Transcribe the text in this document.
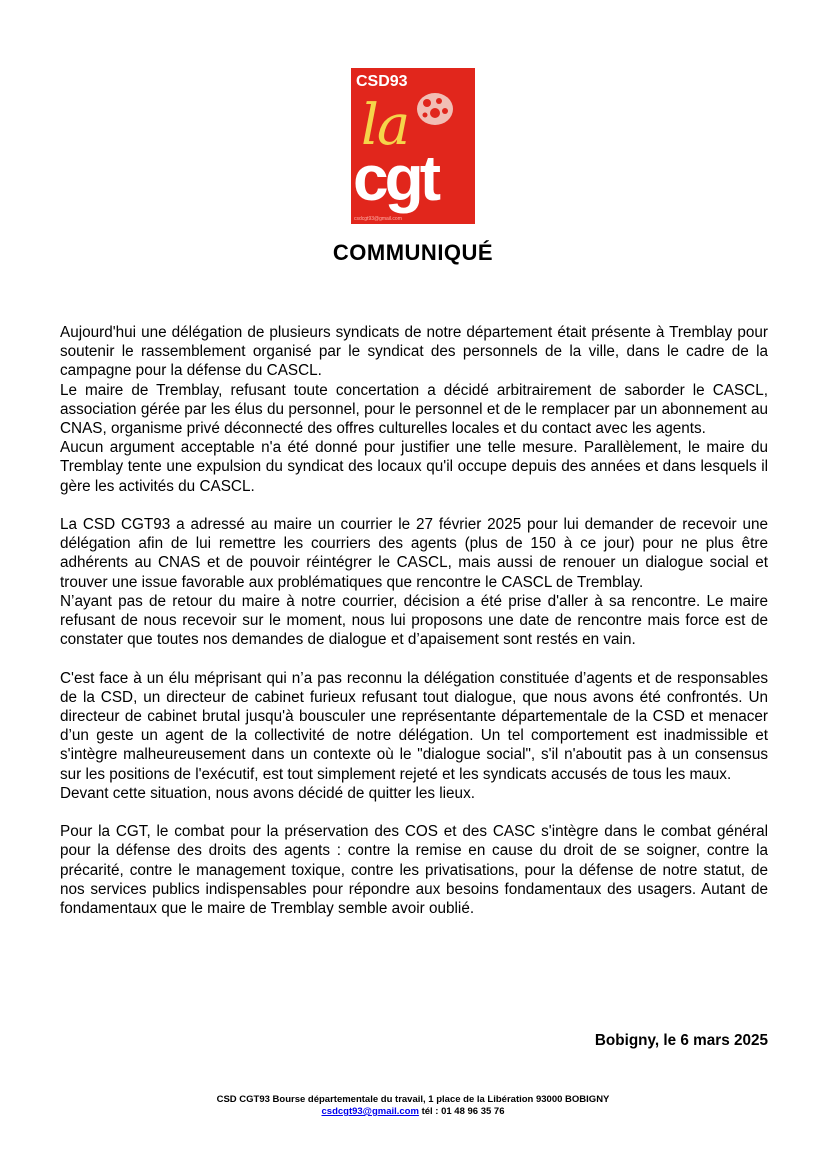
CSD93
la
cgt
csdcgt93@gmail.com
COMMUNIQUÉ

Aujourd'hui une délégation de plusieurs syndicats de notre département était présente à Tremblay pour soutenir le rassemblement organisé par le syndicat des personnels de la ville, dans le cadre de la campagne pour la défense du CASCL.

Le maire de Tremblay, refusant toute concertation a décidé arbitrairement de saborder le CASCL, association gérée par les élus du personnel, pour le personnel et de le remplacer par un abonnement au CNAS, organisme privé déconnecté des offres culturelles locales et du contact avec les agents.

Aucun argument acceptable n'a été donné pour justifier une telle mesure. Parallèlement, le maire du Tremblay tente une expulsion du syndicat des locaux qu'il occupe depuis des années et dans lesquels il gère les activités du CASCL.

La CSD CGT93 a adressé au maire un courrier le 27 février 2025 pour lui demander de recevoir une délégation afin de lui remettre les courriers des agents (plus de 150 à ce jour) pour ne plus être adhérents au CNAS et de pouvoir réintégrer le CASCL, mais aussi de renouer un dialogue social et trouver une issue favorable aux problématiques que rencontre le CASCL de Tremblay.

N’ayant pas de retour du maire à notre courrier, décision a été prise d'aller à sa rencontre. Le maire refusant de nous recevoir sur le moment, nous lui proposons une date de rencontre mais force est de constater que toutes nos demandes de dialogue et d’apaisement sont restés en vain.

C'est face à un élu méprisant qui n’a pas reconnu la délégation constituée d’agents et de responsables de la CSD, un directeur de cabinet furieux refusant tout dialogue, que nous avons été confrontés. Un directeur de cabinet brutal jusqu'à bousculer une représentante départementale de la CSD et menacer d’un geste un agent de la collectivité de notre délégation. Un tel comportement est inadmissible et s'intègre malheureusement dans un contexte où le "dialogue social", s'il n'aboutit pas à un consensus sur les positions de l'exécutif, est tout simplement rejeté et les syndicats accusés de tous les maux.

Devant cette situation, nous avons décidé de quitter les lieux.

Pour la CGT, le combat pour la préservation des COS et des CASC s'intègre dans le combat général pour la défense des droits des agents : contre la remise en cause du droit de se soigner, contre la précarité, contre le management toxique, contre les privatisations, pour la défense de notre statut, de nos services publics indispensables pour répondre aux besoins fondamentaux des usagers. Autant de fondamentaux que le maire de Tremblay semble avoir oublié.

Bobigny, le 6 mars 2025
CSD CGT93 Bourse départementale du travail, 1 place de la Libération 93000 BOBIGNY
csdcgt93@gmail.com tél : 01 48 96 35 76
